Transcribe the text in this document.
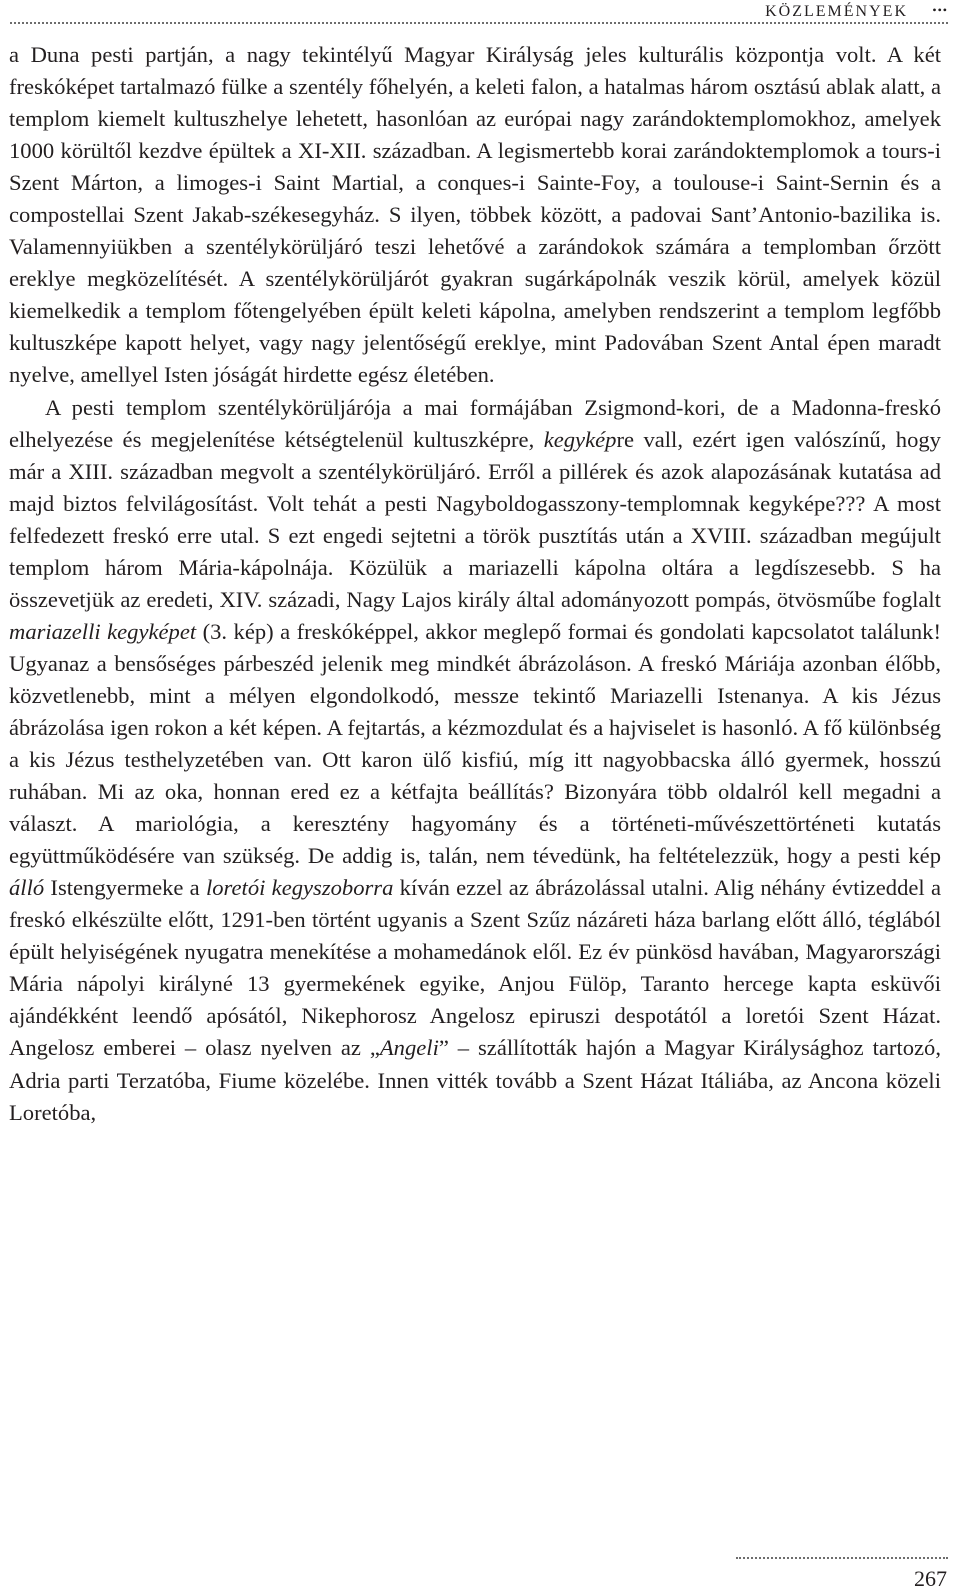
KÖZLEMÉNYEK •••

a Duna pesti partján, a nagy tekintélyű Magyar Királyság jeles kulturális központja volt. A két freskóképet tartalmazó fülke a szentély főhelyén, a keleti falon, a hatalmas három osztású ablak alatt, a templom kiemelt kultuszhelye lehetett, hasonlóan az európai nagy zarándoktemplomokhoz, amelyek 1000 körültől kezdve épültek a XI-XII. században. A legismertebb korai zarándoktemplomok a tours-i Szent Márton, a limoges-i Saint Martial, a conques-i Sainte-Foy, a toulouse-i Saint-Sernin és a compostellai Szent Jakab-székesegyház. S ilyen, többek között, a padovai Sant’Antonio-bazilika is. Valamennyiükben a szentélykörüljáró teszi lehetővé a zarándokok számára a templomban őrzött ereklye megközelítését. A szentélykörüljárót gyakran sugárkápolnák veszik körül, amelyek közül kiemelkedik a templom főtengelyében épült keleti kápolna, amelyben rendszerint a templom legfőbb kultuszképe kapott helyet, vagy nagy jelentőségű ereklye, mint Padovában Szent Antal épen maradt nyelve, amellyel Isten jóságát hirdette egész életében.

A pesti templom szentélykörüljárója a mai formájában Zsigmond-kori, de a Madonna-freskó elhelyezése és megjelenítése kétségtelenül kultuszképre, kegyképre vall, ezért igen valószínű, hogy már a XIII. században megvolt a szentélykörüljáró. Erről a pillérek és azok alapozásának kutatása ad majd biztos felvilágosítást. Volt tehát a pesti Nagyboldogasszony-templomnak kegyképe??? A most felfedezett freskó erre utal. S ezt engedi sejtetni a török pusztítás után a XVIII. században megújult templom három Mária-kápolnája. Közülük a mariazelli kápolna oltára a legdíszesebb. S ha összevetjük az eredeti, XIV. századi, Nagy Lajos király által adományozott pompás, ötvösműbe foglalt mariazelli kegyképet (3. kép) a freskóképpel, akkor meglepő formai és gondolati kapcsolatot találunk! Ugyanaz a bensőséges párbeszéd jelenik meg mindkét ábrázoláson. A freskó Máriája azonban élőbb, közvetlenebb, mint a mélyen elgondolkodó, messze tekintő Mariazelli Istenanya. A kis Jézus ábrázolása igen rokon a két képen. A fejtartás, a kézmozdulat és a hajviselet is hasonló. A fő különbség a kis Jézus testhelyzetében van. Ott karon ülő kisfiú, míg itt nagyobbacska álló gyermek, hosszú ruhában. Mi az oka, honnan ered ez a kétfajta beállítás? Bizonyára több oldalról kell megadni a választ. A mariológia, a keresztény hagyomány és a történeti-művészettörténeti kutatás együttműködésére van szükség. De addig is, talán, nem tévedünk, ha feltételezzük, hogy a pesti kép álló Istengyermeke a loretói kegyszoborra kíván ezzel az ábrázolással utalni. Alig néhány évtizeddel a freskó elkészülte előtt, 1291-ben történt ugyanis a Szent Szűz názáreti háza barlang előtt álló, téglából épült helyiségének nyugatra menekítése a mohamedánok elől. Ez év pünkösd havában, Magyarországi Mária nápolyi királyné 13 gyermekének egyike, Anjou Fülöp, Taranto hercege kapta esküvői ajándékként leendő apósától, Nikephorosz Angelosz epiruszi despotától a loretói Szent Házat. Angelosz emberei – olasz nyelven az „Angeli” – szállították hajón a Magyar Királysághoz tartozó, Adria parti Terzatóba, Fiume közelébe. Innen vitték tovább a Szent Házat Itáliába, az Ancona közeli Loretóba,

267
